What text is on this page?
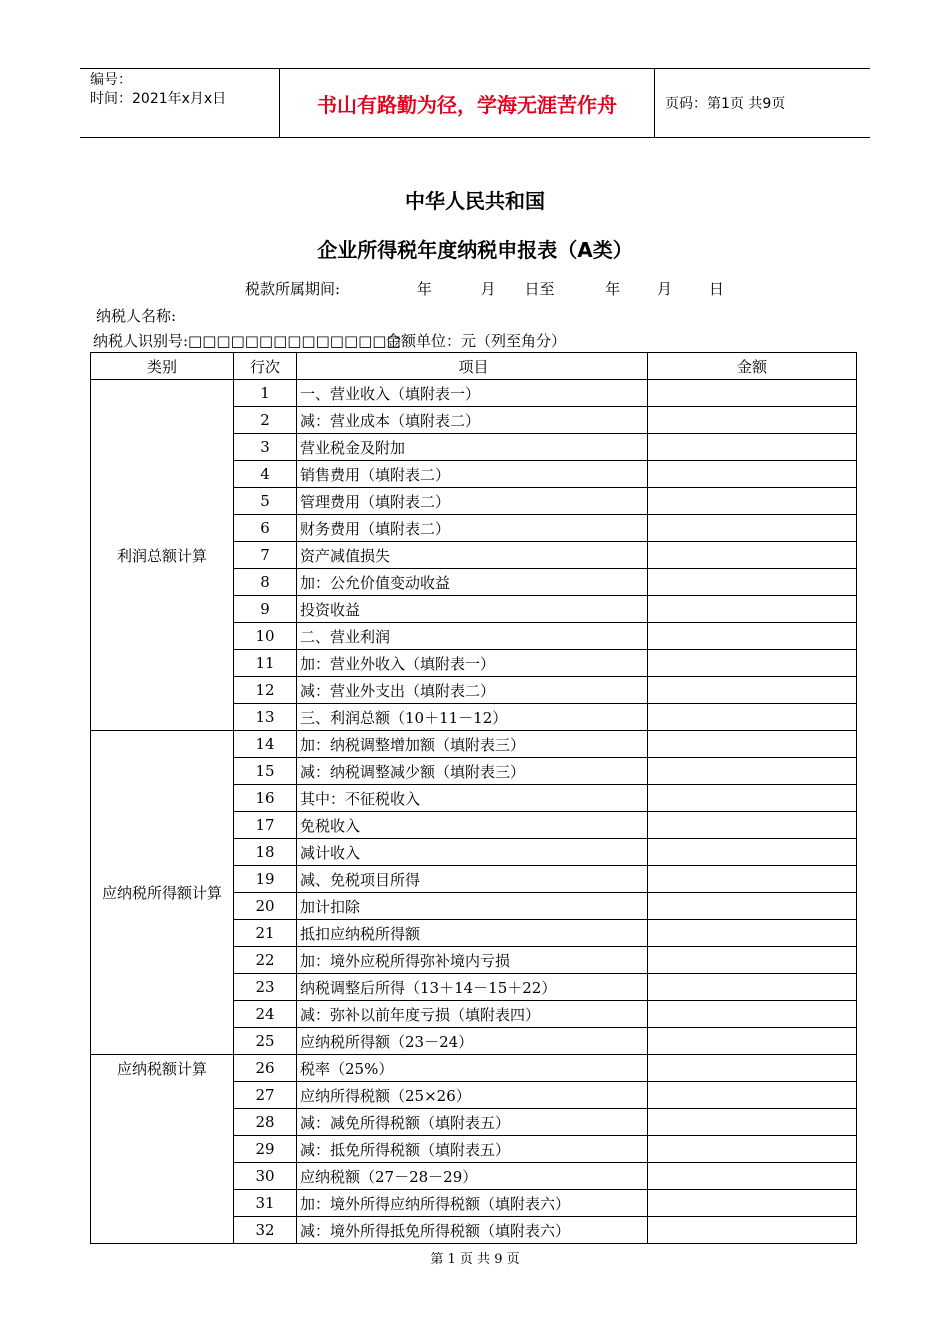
编号：
时间：2021年x月x日	书山有路勤为径，学海无涯苦作舟	页码：第1页 共9页
中华人民共和国
企业所得税年度纳税申报表（A类）
税款所属期间:	年	月 日至	年 月 日
纳税人名称:
纳税人识别号:□□□□□□□□□□□□□□□
金额单位：元（列至角分）
类别	行次	项目	金额
利润总额计算	1	一、营业收入（填附表一）	
	2	减：营业成本（填附表二）	
	3	营业税金及附加	
	4	销售费用（填附表二）	
	5	管理费用（填附表二）	
	6	财务费用（填附表二）	
	7	资产减值损失	
	8	加：公允价值变动收益	
	9	投资收益	
	10	二、营业利润	
	11	加：营业外收入（填附表一）	
	12	减：营业外支出（填附表二）	
	13	三、利润总额（10＋11－12）	
应纳税所得额计算	14	加：纳税调整增加额（填附表三）	
	15	减：纳税调整减少额（填附表三）	
	16	其中：不征税收入	
	17	免税收入	
	18	减计收入	
	19	减、免税项目所得	
	20	加计扣除	
	21	抵扣应纳税所得额	
	22	加：境外应税所得弥补境内亏损	
	23	纳税调整后所得（13＋14－15＋22）	
	24	减：弥补以前年度亏损（填附表四）	
	25	应纳税所得额（23－24）	
应纳税额计算	26	税率（25%）	
	27	应纳所得税额（25×26）	
	28	减：减免所得税额（填附表五）	
	29	减：抵免所得税额（填附表五）	
	30	应纳税额（27－28－29）	
	31	加：境外所得应纳所得税额（填附表六）	
	32	减：境外所得抵免所得税额（填附表六）	
第 1 页 共 9 页
